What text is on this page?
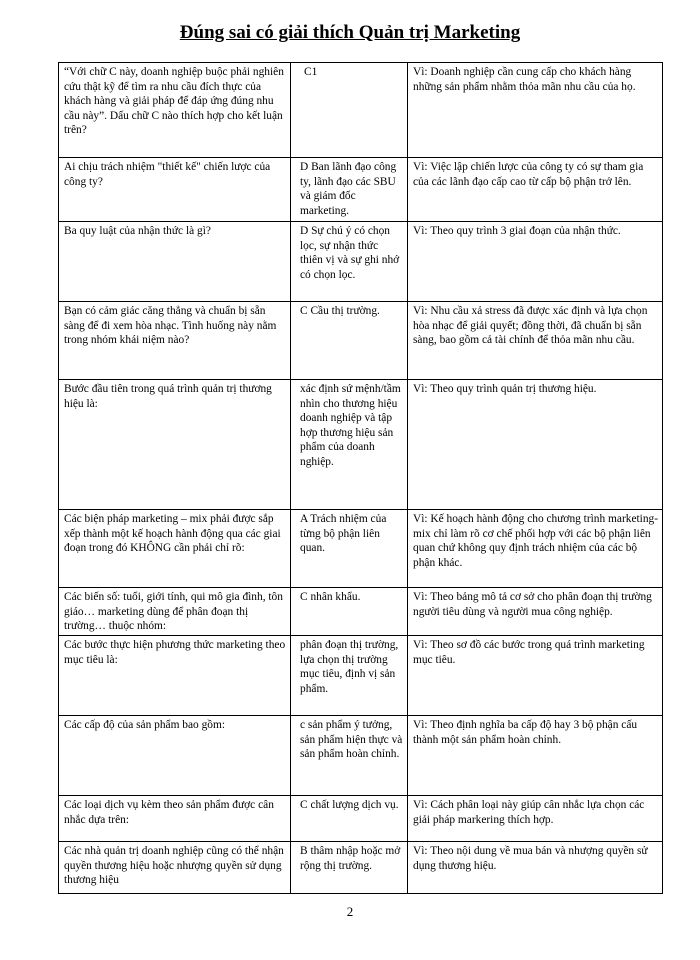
Đúng sai có giải thích Quản trị Marketing
“Với chữ C này, doanh nghiệp buộc phải nghiên cứu thật kỹ để tìm ra nhu cầu đích thực của khách hàng và giải pháp để đáp ứng đúng nhu cầu này”. Dấu chữ C nào thích hợp cho kết luận trên?	C1	Vì: Doanh nghiệp cần cung cấp cho khách hàng những sản phẩm nhằm thỏa mãn nhu cầu của họ.
Ai chịu trách nhiệm "thiết kế" chiến lược của công ty?	D Ban lãnh đạo công ty, lãnh đạo các SBU và giám đốc marketing.	Vì: Việc lập chiến lược của công ty có sự tham gia của các lãnh đạo cấp cao từ cấp bộ phận trở lên.
Ba quy luật của nhận thức là gì?	D Sự chú ý có chọn lọc, sự nhận thức thiên vị và sự ghi nhớ có chọn lọc.	Vì: Theo quy trình 3 giai đoạn của nhận thức.
Bạn có cảm giác căng thẳng và chuẩn bị sẵn sàng để đi xem hòa nhạc. Tình huống này nằm trong nhóm khái niệm nào?	C Cầu thị trường.	Vì: Nhu cầu xả stress đã được xác định và lựa chọn hòa nhạc để giải quyết; đồng thời, đã chuẩn bị sẵn sàng, bao gồm cả tài chính để thỏa mãn nhu cầu.
Bước đầu tiên trong quá trình quản trị thương hiệu là:	xác định sứ mệnh/tầm nhìn cho thương hiệu doanh nghiệp và tập hợp thương hiệu sản phẩm của doanh nghiệp.	Vì: Theo quy trình quản trị thương hiệu.
Các biện pháp marketing – mix phải được sắp xếp thành một kế hoạch hành động qua các giai đoạn trong đó KHÔNG cần phải chỉ rõ:	A Trách nhiệm của từng bộ phận liên quan.	Vì: Kế hoạch hành động cho chương trình marketing-mix chỉ làm rõ cơ chế phối hợp với các bộ phận liên quan chứ không quy định trách nhiệm của các bộ phận khác.
Các biến số: tuổi, giới tính, qui mô gia đình, tôn giáo… marketing dùng để phân đoạn thị trường… thuộc nhóm:	C nhân khẩu.	Vì: Theo bảng mô tả cơ sở cho phân đoạn thị trường người tiêu dùng và người mua công nghiệp.
Các bước thực hiện phương thức marketing theo mục tiêu là:	phân đoạn thị trường, lựa chọn thị trường mục tiêu, định vị sản phẩm.	Vì: Theo sơ đồ các bước trong quá trình marketing mục tiêu.
Các cấp độ của sản phẩm bao gồm:	c sản phẩm ý tưởng, sản phẩm hiện thực và sản phẩm hoàn chỉnh.	Vì: Theo định nghĩa ba cấp độ hay 3 bộ phận cấu thành một sản phẩm hoàn chỉnh.
Các loại dịch vụ kèm theo sản phẩm được cân nhắc dựa trên:	C chất lượng dịch vụ.	Vì: Cách phân loại này giúp cân nhắc lựa chọn các giải pháp markering thích hợp.
Các nhà quản trị doanh nghiệp cũng có thể nhận quyền thương hiệu hoặc nhượng quyền sử dụng thương hiệu	B thâm nhập hoặc mở rộng thị trường.	Vì: Theo nội dung về mua bán và nhượng quyền sử dụng thương hiệu.
2
